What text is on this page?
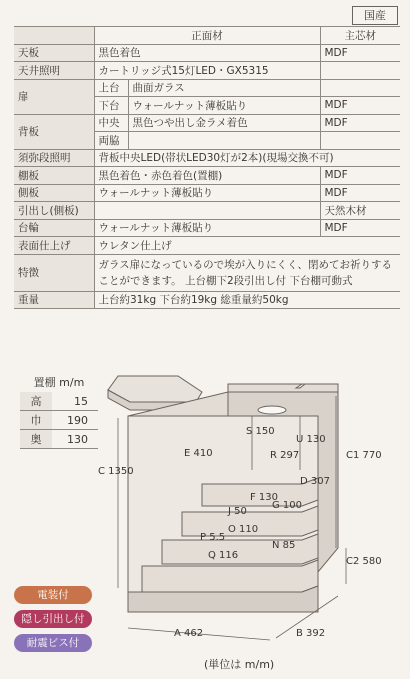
国産
	正面材		主芯材
天板	黒色着色		MDF
天井照明	カートリッジ式15灯LED・GX5315		
扉	上台	曲面ガラス	
	下台	ウォールナット薄板貼り	MDF
背板	中央	黒色つや出し金ラメ着色	MDF
	両脇		
須弥段照明	背板中央LED(帯状LED30灯が2本)(現場交換不可)		
棚板	黒色着色・赤色着色(置棚)		MDF
側板	ウォールナット薄板貼り		MDF
引出し(側板)			天然木材
台輪	ウォールナット薄板貼り		MDF
表面仕上げ	ウレタン仕上げ		
特徴	ガラス扉になっているので埃が入りにくく、閉めてお祈りする ことができます。 上台棚下2段引出し付 下台棚可動式		
重量	上台約31kg 下台約19kg 総重量約50kg		
置棚 m/m
高	15
巾	190
奥	130
S 150
U 130
E 410	R 297
D 307
F 130
G 100
J 50
O 110
P 5.5
N 85
Q 116
C 1350
C1 770
C2 580
A 462	B 392
電装付
隠し引出し付
耐震ビス付
(単位は m/m)
